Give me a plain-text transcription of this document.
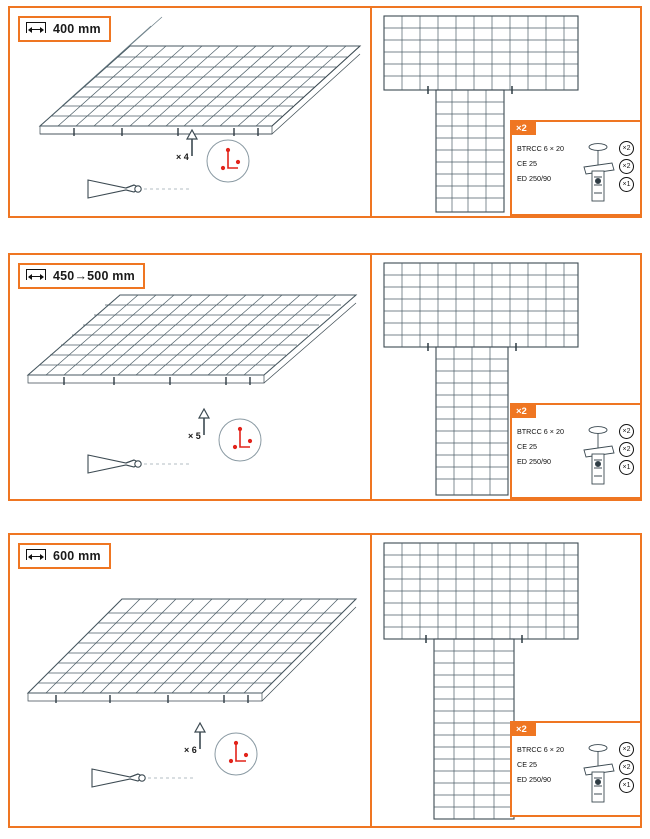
400 mm
× 4
×2
BTRCC 6 × 20
CE 25
ED 250/90
×2
×2
×1
450→500 mm
× 5
×2
BTRCC 6 × 20
CE 25
ED 250/90
×2
×2
×1
600 mm
× 6
×2
BTRCC 6 × 20
CE 25
ED 250/90
×2
×2
×1
